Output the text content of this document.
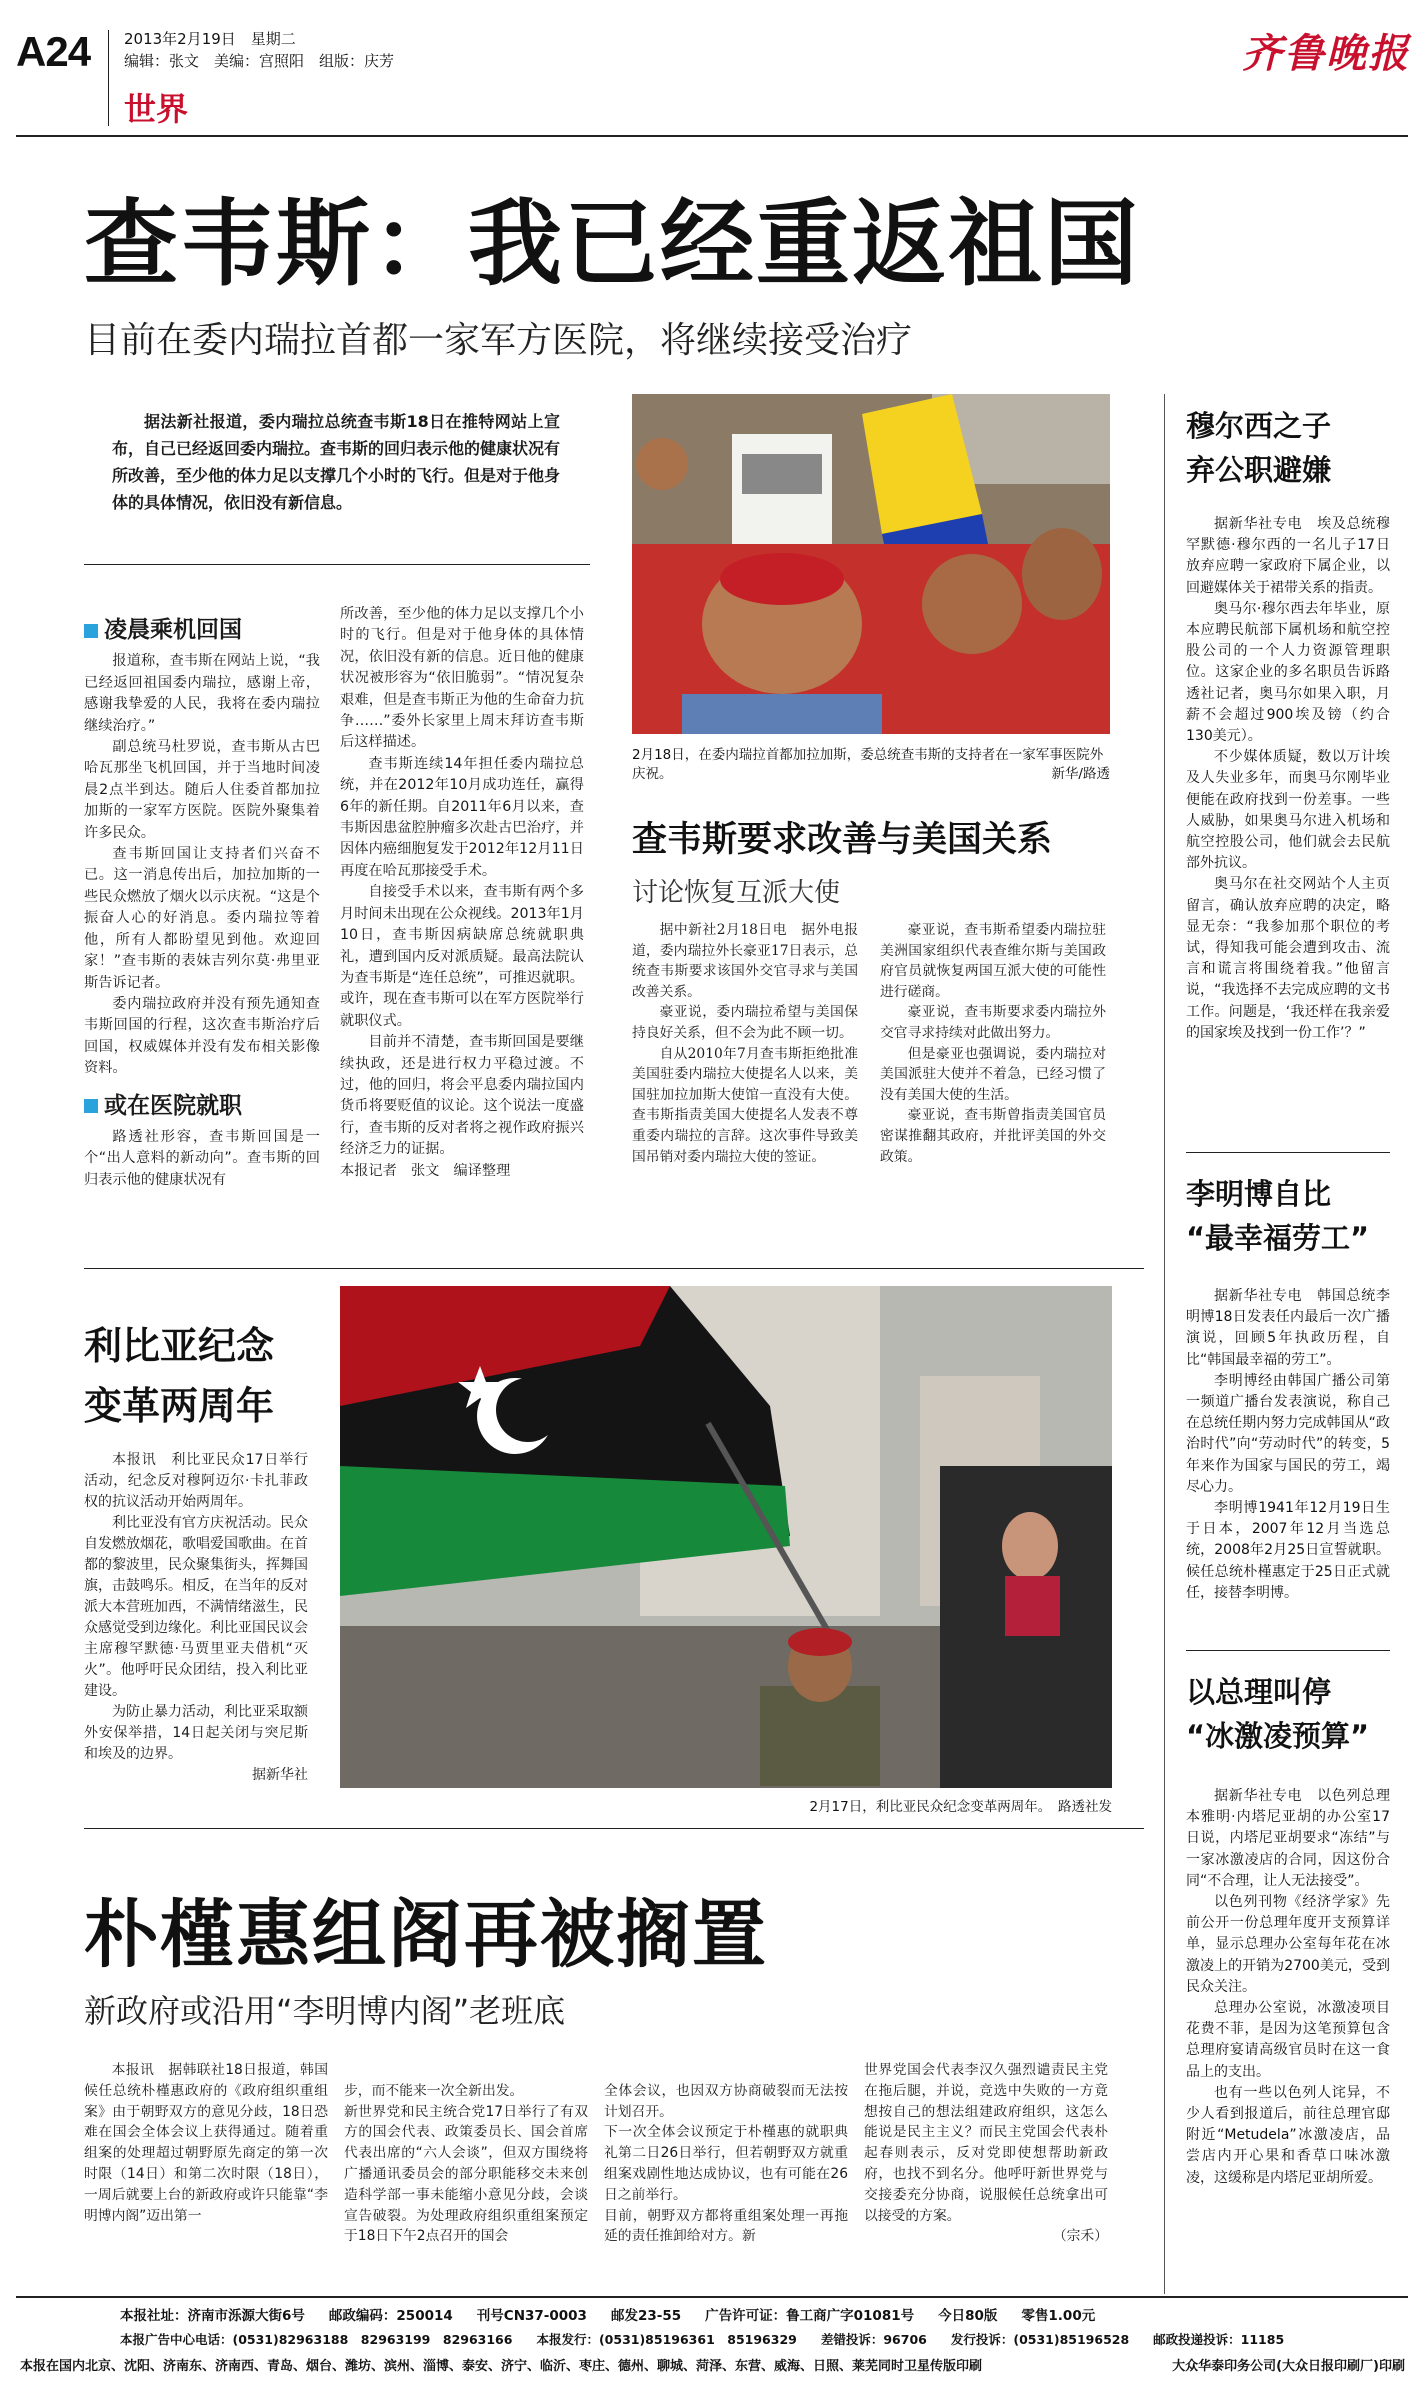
A24 2013年2月19日　星期二
编辑：张文　美编：宫照阳　组版：庆芳
世界
齐鲁晚报
查韦斯：我已经重返祖国
目前在委内瑞拉首都一家军方医院，将继续接受治疗

据法新社报道，委内瑞拉总统查韦斯18日在推特网站上宣布，自己已经返回委内瑞拉。查韦斯的回归表示他的健康状况有所改善，至少他的体力足以支撑几个小时的飞行。但是对于他身体的具体情况，依旧没有新信息。

凌晨乘机回国

报道称，查韦斯在网站上说，“我已经返回祖国委内瑞拉，感谢上帝，感谢我挚爱的人民，我将在委内瑞拉继续治疗。”

副总统马杜罗说，查韦斯从古巴哈瓦那坐飞机回国，并于当地时间凌晨2点半到达。随后人住委首都加拉加斯的一家军方医院。医院外聚集着许多民众。

查韦斯回国让支持者们兴奋不已。这一消息传出后，加拉加斯的一些民众燃放了烟火以示庆祝。“这是个振奋人心的好消息。委内瑞拉等着他，所有人都盼望见到他。欢迎回家！”查韦斯的表妹吉列尔莫·弗里亚斯告诉记者。

委内瑞拉政府并没有预先通知查韦斯回国的行程，这次查韦斯治疗后回国，权威媒体并没有发布相关影像资料。

或在医院就职

路透社形容，查韦斯回国是一个“出人意料的新动向”。查韦斯的回归表示他的健康状况有

所改善，至少他的体力足以支撑几个小时的飞行。但是对于他身体的具体情况，依旧没有新的信息。近日他的健康状况被形容为“依旧脆弱”。“情况复杂艰难，但是查韦斯正为他的生命奋力抗争……”委外长家里上周末拜访查韦斯后这样描述。

查韦斯连续14年担任委内瑞拉总统，并在2012年10月成功连任，赢得6年的新任期。自2011年6月以来，查韦斯因患盆腔肿瘤多次赴古巴治疗，并因体内癌细胞复发于2012年12月11日再度在哈瓦那接受手术。

自接受手术以来，查韦斯有两个多月时间未出现在公众视线。2013年1月10日，查韦斯因病缺席总统就职典礼，遭到国内反对派质疑。最高法院认为查韦斯是“连任总统”，可推迟就职。或许，现在查韦斯可以在军方医院举行就职仪式。

目前并不清楚，查韦斯回国是要继续执政，还是进行权力平稳过渡。不过，他的回归，将会平息委内瑞拉国内货币将要贬值的议论。这个说法一度盛行，查韦斯的反对者将之视作政府振兴经济乏力的证据。

本报记者　张文　编译整理

2月18日，在委内瑞拉首都加拉加斯，委总统查韦斯的支持者在一家军事医院外庆祝。	新华/路透
查韦斯要求改善与美国关系
讨论恢复互派大使

据中新社2月18日电　据外电报道，委内瑞拉外长豪亚17日表示，总统查韦斯要求该国外交官寻求与美国改善关系。

豪亚说，委内瑞拉希望与美国保持良好关系，但不会为此不顾一切。

自从2010年7月查韦斯拒绝批准美国驻委内瑞拉大使提名人以来，美国驻加拉加斯大使馆一直没有大使。查韦斯指责美国大使提名人发表不尊重委内瑞拉的言辞。这次事件导致美国吊销对委内瑞拉大使的签证。

豪亚说，查韦斯希望委内瑞拉驻美洲国家组织代表查维尔斯与美国政府官员就恢复两国互派大使的可能性进行磋商。

豪亚说，查韦斯要求委内瑞拉外交官寻求持续对此做出努力。

但是豪亚也强调说，委内瑞拉对美国派驻大使并不着急，已经习惯了没有美国大使的生活。

豪亚说，查韦斯曾指责美国官员密谋推翻其政府，并批评美国的外交政策。

利比亚纪念
变革两周年

本报讯　利比亚民众17日举行活动，纪念反对穆阿迈尔·卡扎菲政权的抗议活动开始两周年。

利比亚没有官方庆祝活动。民众自发燃放烟花，歌唱爱国歌曲。在首都的黎波里，民众聚集街头，挥舞国旗，击鼓鸣乐。相反，在当年的反对派大本营班加西，不满情绪滋生，民众感觉受到边缘化。利比亚国民议会主席穆罕默德·马贾里亚夫借机“灭火”。他呼吁民众团结，投入利比亚建设。

为防止暴力活动，利比亚采取额外安保举措，14日起关闭与突尼斯和埃及的边界。

据新华社

2月17日，利比亚民众纪念变革两周年。　 路透社发
朴槿惠组阁再被搁置
新政府或沿用“李明博内阁”老班底

本报讯　据韩联社18日报道，韩国候任总统朴槿惠政府的《政府组织重组案》由于朝野双方的意见分歧，18日恐难在国会全体会议上获得通过。随着重组案的处理超过朝野原先商定的第一次时限（14日）和第二次时限（18日），一周后就要上台的新政府或许只能靠“李明博内阁”迈出第一

步，而不能来一次全新出发。
新世界党和民主统合党17日举行了有双方的国会代表、政策委员长、国会首席代表出席的“六人会谈”，但双方围绕将广播通讯委员会的部分职能移交未来创造科学部一事未能缩小意见分歧，会谈宣告破裂。为处理政府组织重组案预定于18日下午2点召开的国会

全体会议，也因双方协商破裂而无法按计划召开。
下一次全体会议预定于朴槿惠的就职典礼第二日26日举行，但若朝野双方就重组案戏剧性地达成协议，也有可能在26日之前举行。
目前，朝野双方都将重组案处理一再拖延的责任推卸给对方。新

世界党国会代表李汉久强烈谴责民主党在拖后腿，并说，竞选中失败的一方竟想按自己的想法组建政府组织，这怎么能说是民主主义？而民主党国会代表朴起春则表示，反对党即使想帮助新政府，也找不到名分。他呼吁新世界党与交接委充分协商，说服候任总统拿出可以接受的方案。

（宗禾）

穆尔西之子
弃公职避嫌

据新华社专电　埃及总统穆罕默德·穆尔西的一名儿子17日放弃应聘一家政府下属企业，以回避媒体关于裙带关系的指责。

奥马尔·穆尔西去年毕业，原本应聘民航部下属机场和航空控股公司的一个人力资源管理职位。这家企业的多名职员告诉路透社记者，奥马尔如果入职，月薪不会超过900埃及镑（约合130美元）。

不少媒体质疑，数以万计埃及人失业多年，而奥马尔刚毕业便能在政府找到一份差事。一些人威胁，如果奥马尔进入机场和航空控股公司，他们就会去民航部外抗议。

奥马尔在社交网站个人主页留言，确认放弃应聘的决定，略显无奈：“我参加那个职位的考试，得知我可能会遭到攻击、流言和谎言将围绕着我。”他留言说，“我选择不去完成应聘的文书工作。问题是，‘我还样在我亲爱的国家埃及找到一份工作’？”

李明博自比
“最幸福劳工”

据新华社专电　韩国总统李明博18日发表任内最后一次广播演说，回顾5年执政历程，自比“韩国最幸福的劳工”。

李明博经由韩国广播公司第一频道广播台发表演说，称自己在总统任期内努力完成韩国从“政治时代”向“劳动时代”的转变，5年来作为国家与国民的劳工，竭尽心力。

李明博1941年12月19日生于日本，2007年12月当选总统，2008年2月25日宣誓就职。候任总统朴槿惠定于25日正式就任，接替李明博。

以总理叫停
“冰激凌预算”

据新华社专电　以色列总理本雅明·内塔尼亚胡的办公室17日说，内塔尼亚胡要求“冻结”与一家冰激凌店的合同，因这份合同“不合理，让人无法接受”。

以色列刊物《经济学家》先前公开一份总理年度开支预算详单，显示总理办公室每年花在冰激凌上的开销为2700美元，受到民众关注。

总理办公室说，冰激凌项目花费不菲，是因为这笔预算包含总理府宴请高级官员时在这一食品上的支出。

也有一些以色列人诧异，不少人看到报道后，前往总理官邸附近“Metudela”冰激凌店，品尝店内开心果和香草口味冰激凌，这缓称是内塔尼亚胡所爱。

本报社址：济南市泺源大街6号 邮政编码：250014 刊号CN37-0003 邮发23-55 广告许可证：鲁工商广字01081号 今日80版 零售1.00元
本报广告中心电话：(0531)82963188　82963199　82963166 本报发行：(0531)85196361　85196329 差错投诉：96706 发行投诉：(0531)85196528 邮政投递投诉：11185
本报在国内北京、沈阳、济南东、济南西、青岛、烟台、潍坊、滨州、淄博、泰安、济宁、临沂、枣庄、德州、聊城、菏泽、东营、威海、日照、莱芜同时卫星传版印刷	大众华泰印务公司(大众日报印刷厂)印刷
